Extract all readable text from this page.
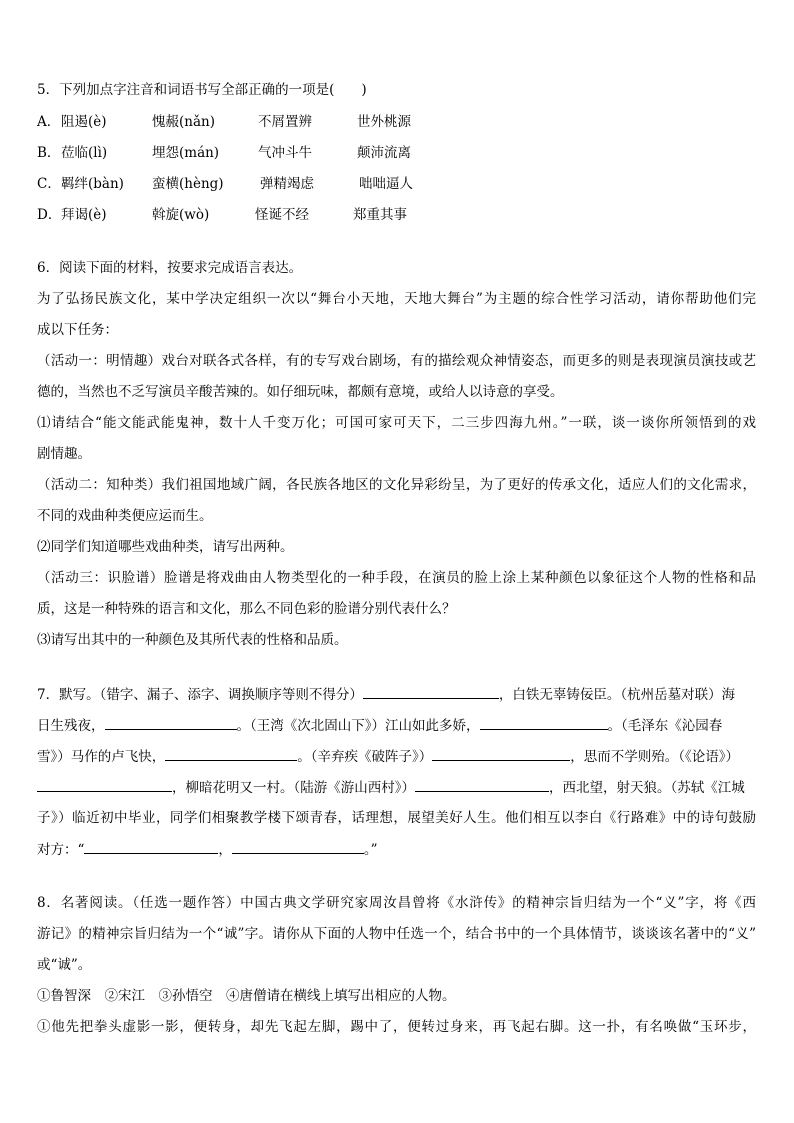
5．下列加点字注音和词语书写全部正确的一项是(　　)
A． 阻遏(è)	愧赧(nǎn)	不屑置辨	世外桃源
B． 莅临(lì)	埋怨(mán)	气冲斗牛	颠沛流离
C． 羁绊(bàn) 蛮横(hèng)	弹精竭虑	咄咄逼人
D． 拜谒(è)	斡旋(wò)	怪诞不经	郑重其事
6．阅读下面的材料，按要求完成语言表达。
为了弘扬民族文化，某中学决定组织一次以“舞台小天地，天地大舞台”为主题的综合性学习活动，请你帮助他们完
成以下任务：
（活动一：明情趣）戏台对联各式各样，有的专写戏台剧场，有的描绘观众神情姿态，而更多的则是表现演员演技或艺
德的，当然也不乏写演员辛酸苦辣的。如仔细玩味，都颇有意境，或给人以诗意的享受。
⑴请结合“能文能武能鬼神，数十人千变万化；可国可家可天下，二三步四海九州。”一联，谈一谈你所领悟到的戏
剧情趣。
（活动二：知种类）我们祖国地域广阔，各民族各地区的文化异彩纷呈，为了更好的传承文化，适应人们的文化需求，
不同的戏曲种类便应运而生。
⑵同学们知道哪些戏曲种类，请写出两种。
（活动三：识脸谱）脸谱是将戏曲由人物类型化的一种手段，在演员的脸上涂上某种颜色以象征这个人物的性格和品
质，这是一种特殊的语言和文化，那么不同色彩的脸谱分别代表什么？
⑶请写出其中的一种颜色及其所代表的性格和品质。
7．默写。（错字、漏子、添字、调换顺序等则不得分）	，白铁无辜铸佞臣。（杭州岳墓对联）海
日生残夜，	。（王湾《次北固山下》）江山如此多娇，	。（毛泽东《沁园春
雪》）马作的卢飞快，	。（辛弃疾《破阵子》）	，思而不学则殆。（《论语》）
，柳暗花明又一村。（陆游《游山西村》）	，西北望，射天狼。（苏轼《江城
子》）临近初中毕业，同学们相聚教学楼下颂青春，话理想，展望美好人生。他们相互以李白《行路难》中的诗句鼓励
对方：“	，	。”
8．名著阅读。（任选一题作答）中国古典文学研究家周汝昌曾将《水浒传》的精神宗旨归结为一个“义”字，将《西
游记》的精神宗旨归结为一个“诚”字。请你从下面的人物中任选一个，结合书中的一个具体情节，谈谈该名著中的“义”
或“诚”。
①鲁智深　②宋江　③孙悟空　④唐僧请在横线上填写出相应的人物。
①他先把拳头虚影一影，便转身，却先飞起左脚，踢中了，便转过身来，再飞起右脚。这一扑，有名唤做“玉环步，
